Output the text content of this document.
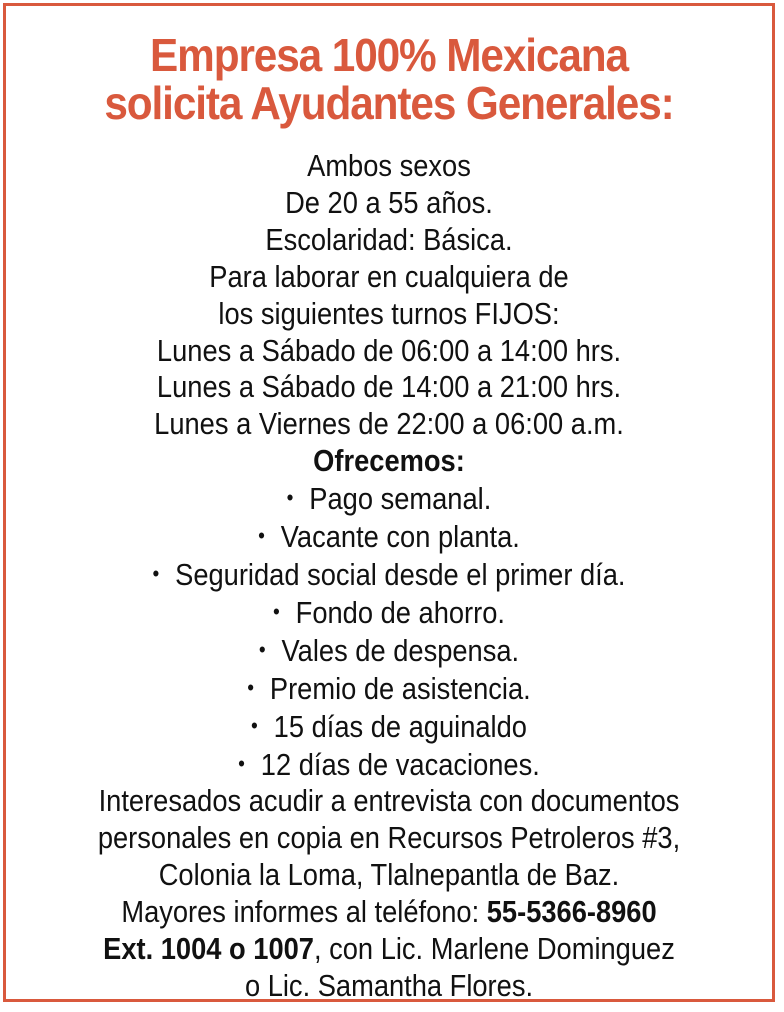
Empresa 100% Mexicana
solicita Ayudantes Generales:
Ambos sexos
De 20 a 55 años.
Escolaridad: Básica.
Para laborar en cualquiera de
los siguientes turnos FIJOS:
Lunes a Sábado de 06:00 a 14:00 hrs.
Lunes a Sábado de 14:00 a 21:00 hrs.
Lunes a Viernes de 22:00 a 06:00 a.m.
Ofrecemos:
• Pago semanal.
• Vacante con planta.
• Seguridad social desde el primer día.
• Fondo de ahorro.
• Vales de despensa.
• Premio de asistencia.
• 15 días de aguinaldo
• 12 días de vacaciones.
Interesados acudir a entrevista con documentos
personales en copia en Recursos Petroleros #3,
Colonia la Loma, Tlalnepantla de Baz.
Mayores informes al teléfono: 55-5366-8960
Ext. 1004 o 1007, con Lic. Marlene Dominguez
o Lic. Samantha Flores.
